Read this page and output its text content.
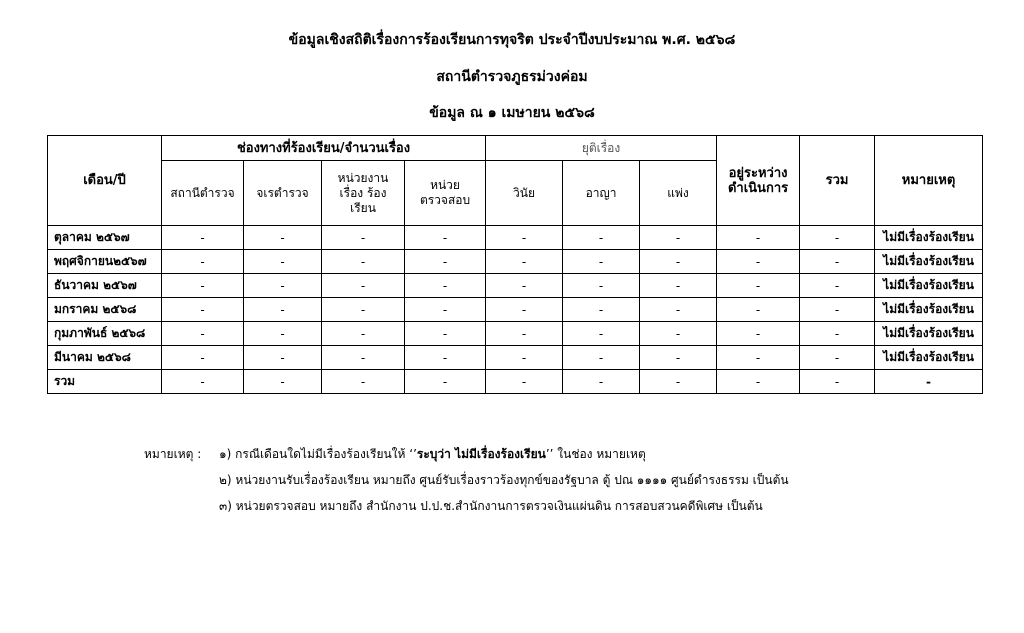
ข้อมูลเชิงสถิติเรื่องการร้องเรียนการทุจริต ประจำปีงบประมาณ พ.ศ. ๒๕๖๘
สถานีตำรวจภูธรม่วงค่อม
ข้อมูล ณ ๑ เมษายน ๒๕๖๘
เดือน/ปี	ช่องทางที่ร้องเรียน/จำนวนเรื่อง				ยุติเรื่อง			อยู่ระหว่าง ดำเนินการ	รวม	หมายเหตุ
	สถานีตำรวจ	จเรตำรวจ	หน่วยงาน เรื่อง ร้องเรียน	หน่วย ตรวจสอบ	วินัย	อาญา	แพ่ง			
ตุลาคม ๒๕๖๗	-	-	-	-	-	-	-	-	-	ไม่มีเรื่องร้องเรียน
พฤศจิกายน๒๕๖๗	-	-	-	-	-	-	-	-	-	ไม่มีเรื่องร้องเรียน
ธันวาคม ๒๕๖๗	-	-	-	-	-	-	-	-	-	ไม่มีเรื่องร้องเรียน
มกราคม ๒๕๖๘	-	-	-	-	-	-	-	-	-	ไม่มีเรื่องร้องเรียน
กุมภาพันธ์ ๒๕๖๘	-	-	-	-	-	-	-	-	-	ไม่มีเรื่องร้องเรียน
มีนาคม ๒๕๖๘	-	-	-	-	-	-	-	-	-	ไม่มีเรื่องร้องเรียน
รวม	-	-	-	-	-	-	-	-	-	-
หมายเหตุ : ๑) กรณีเดือนใดไม่มีเรื่องร้องเรียนให้ ‘’ระบุว่า ไม่มีเรื่องร้องเรียน’’ ในช่อง หมายเหตุ
๒) หน่วยงานรับเรื่องร้องเรียน หมายถึง ศูนย์รับเรื่องราวร้องทุกข์ของรัฐบาล ตู้ ปณ ๑๑๑๑ ศูนย์ดำรงธรรม เป็นต้น
๓) หน่วยตรวจสอบ หมายถึง สำนักงาน ป.ป.ช.สำนักงานการตรวจเงินแผ่นดิน การสอบสวนคดีพิเศษ เป็นต้น
